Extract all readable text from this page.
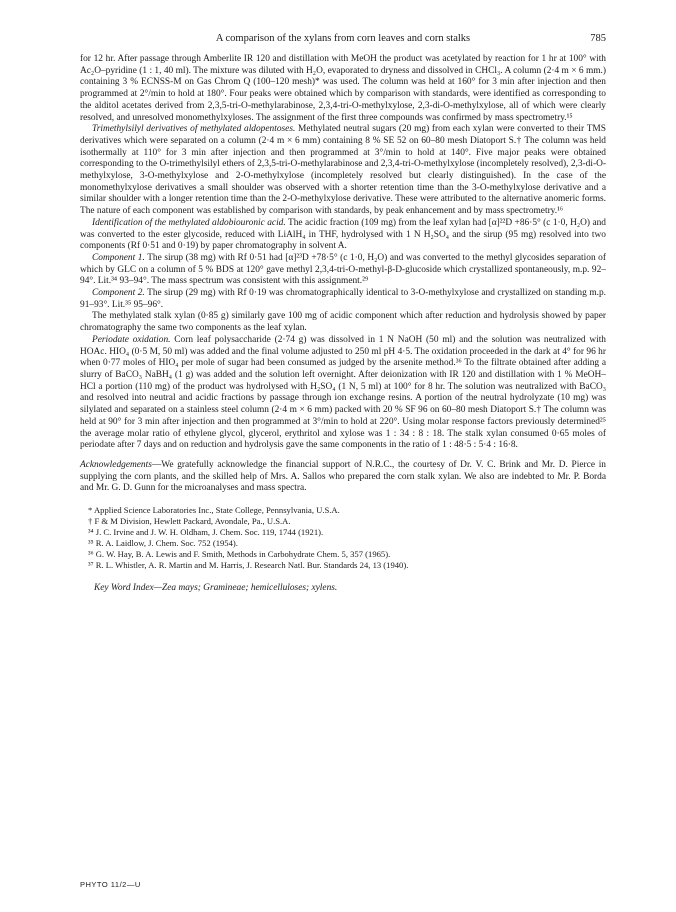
A comparison of the xylans from corn leaves and corn stalks	785

for 12 hr. After passage through Amberlite IR 120 and distillation with MeOH the product was acetylated by reaction for 1 hr at 100° with Ac₂O–pyridine (1 : 1, 40 ml). The mixture was diluted with H₂O, evaporated to dryness and dissolved in CHCl₃. A column (2·4 m × 6 mm.) containing 3 % ECNSS-M on Gas Chrom Q (100–120 mesh)* was used. The column was held at 160° for 3 min after injection and then programmed at 2°/min to hold at 180°. Four peaks were obtained which by comparison with standards, were identified as corresponding to the alditol acetates derived from 2,3,5-tri-O-methylarabinose, 2,3,4-tri-O-methylxylose, 2,3-di-O-methylxylose, all of which were clearly resolved, and unresolved monomethylxyloses. The assignment of the first three compounds was confirmed by mass spectrometry.¹⁵

Trimethylsilyl derivatives of methylated aldopentoses. Methylated neutral sugars (20 mg) from each xylan were converted to their TMS derivatives which were separated on a column (2·4 m × 6 mm) containing 8 % SE 52 on 60–80 mesh Diatoport S.† The column was held isothermally at 110° for 3 min after injection and then programmed at 3°/min to hold at 140°. Five major peaks were obtained corresponding to the O-trimethylsilyl ethers of 2,3,5-tri-O-methylarabinose and 2,3,4-tri-O-methylxylose (incompletely resolved), 2,3-di-O-methylxylose, 3-O-methylxylose and 2-O-methylxylose (incompletely resolved but clearly distinguished). In the case of the monomethylxylose derivatives a small shoulder was observed with a shorter retention time than the 3-O-methylxylose derivative and a similar shoulder with a longer retention time than the 2-O-methylxylose derivative. These were attributed to the alternative anomeric forms. The nature of each component was established by comparison with standards, by peak enhancement and by mass spectrometry.¹⁶

Identification of the methylated aldobiouronic acid. The acidic fraction (109 mg) from the leaf xylan had [α]²²D +86·5° (c 1·0, H₂O) and was converted to the ester glycoside, reduced with LiAlH₄ in THF, hydrolysed with 1 N H₂SO₄ and the sirup (95 mg) resolved into two components (Rf 0·51 and 0·19) by paper chromatography in solvent A.

Component 1. The sirup (38 mg) with Rf 0·51 had [α]²³D +78·5° (c 1·0, H₂O) and was converted to the methyl glycosides separation of which by GLC on a column of 5 % BDS at 120° gave methyl 2,3,4-tri-O-methyl-β-D-glucoside which crystallized spontaneously, m.p. 92–94°. Lit.³⁴ 93–94°. The mass spectrum was consistent with this assignment.²⁹

Component 2. The sirup (29 mg) with Rf 0·19 was chromatographically identical to 3-O-methylxylose and crystallized on standing m.p. 91–93°. Lit.³⁵ 95–96°.

The methylated stalk xylan (0·85 g) similarly gave 100 mg of acidic component which after reduction and hydrolysis showed by paper chromatography the same two components as the leaf xylan.

Periodate oxidation. Corn leaf polysaccharide (2·74 g) was dissolved in 1 N NaOH (50 ml) and the solution was neutralized with HOAc. HIO₄ (0·5 M, 50 ml) was added and the final volume adjusted to 250 ml pH 4·5. The oxidation proceeded in the dark at 4° for 96 hr when 0·77 moles of HIO₄ per mole of sugar had been consumed as judged by the arsenite method.³⁶ To the filtrate obtained after adding a slurry of BaCO₃ NaBH₄ (1 g) was added and the solution left overnight. After deionization with IR 120 and distillation with 1 % MeOH–HCl a portion (110 mg) of the product was hydrolysed with H₂SO₄ (1 N, 5 ml) at 100° for 8 hr. The solution was neutralized with BaCO₃ and resolved into neutral and acidic fractions by passage through ion exchange resins. A portion of the neutral hydrolyzate (10 mg) was silylated and separated on a stainless steel column (2·4 m × 6 mm) packed with 20 % SF 96 on 60–80 mesh Diatoport S.† The column was held at 90° for 3 min after injection and then programmed at 3°/min to hold at 220°. Using molar response factors previously determined²⁵ the average molar ratio of ethylene glycol, glycerol, erythritol and xylose was 1 : 34 : 8 : 18. The stalk xylan consumed 0·65 moles of periodate after 7 days and on reduction and hydrolysis gave the same components in the ratio of 1 : 48·5 : 5·4 : 16·8.

Acknowledgements—We gratefully acknowledge the financial support of N.R.C., the courtesy of Dr. V. C. Brink and Mr. D. Pierce in supplying the corn plants, and the skilled help of Mrs. A. Sallos who prepared the corn stalk xylan. We also are indebted to Mr. P. Borda and Mr. G. D. Gunn for the microanalyses and mass spectra.

* Applied Science Laboratories Inc., State College, Pennsylvania, U.S.A.
† F & M Division, Hewlett Packard, Avondale, Pa., U.S.A.
³⁴ J. C. Irvine and J. W. H. Oldham, J. Chem. Soc. 119, 1744 (1921).
³⁵ R. A. Laidlow, J. Chem. Soc. 752 (1954).
³⁶ G. W. Hay, B. A. Lewis and F. Smith, Methods in Carbohydrate Chem. 5, 357 (1965).
³⁷ R. L. Whistler, A. R. Martin and M. Harris, J. Research Natl. Bur. Standards 24, 13 (1940).
Key Word Index—Zea mays; Gramineae; hemicelluloses; xylens.
PHYTO 11/2—U
